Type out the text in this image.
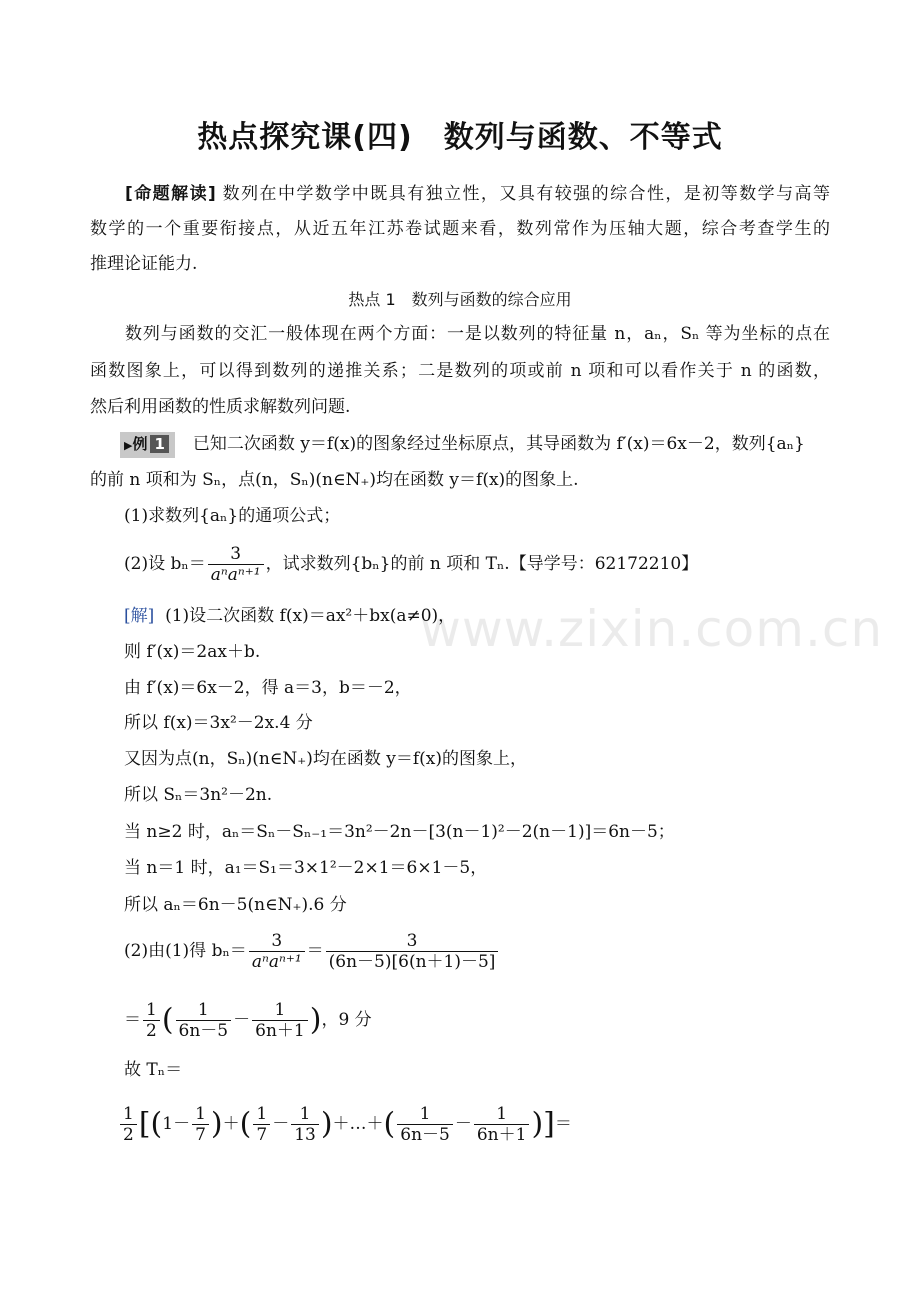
热点探究课(四)　数列与函数、不等式
[命题解读] 数列在中学数学中既具有独立性，又具有较强的综合性，是初等数学与高等
数学的一个重要衔接点，从近五年江苏卷试题来看，数列常作为压轴大题，综合考查学生的
推理论证能力.
热点 1　数列与函数的综合应用
数列与函数的交汇一般体现在两个方面：一是以数列的特征量 n，aₙ，Sₙ 等为坐标的点在
函数图象上，可以得到数列的递推关系；二是数列的项或前 n 项和可以看作关于 n 的函数，
然后利用函数的性质求解数列问题.
▶例 1 已知二次函数 y＝f(x)的图象经过坐标原点，其导函数为 f′(x)＝6x－2，数列{aₙ}
的前 n 项和为 Sₙ，点(n，Sₙ)(n∈N₊)均在函数 y＝f(x)的图象上.
(1)求数列{aₙ}的通项公式；
(2)设 $b_n= \frac{3}{\text{aⁿaⁿ⁺¹}}$ ，试求数列{bₙ}的前 n 项和 Tₙ.【导学号：62172210】
[解] (1)设二次函数 f(x)＝ax²＋bx(a≠0)，
则 f′(x)＝2ax＋b.
由 f′(x)＝6x－2，得 a＝3，b＝－2，
所以 f(x)＝3x²－2x.4 分
又因为点(n，Sₙ)(n∈N₊)均在函数 y＝f(x)的图象上，
所以 Sₙ＝3n²－2n.
当 n≥2 时，aₙ＝Sₙ－Sₙ₋₁＝3n²－2n－[3(n－1)²－2(n－1)]＝6n－5；
当 n＝1 时，a₁＝S₁＝3×1²－2×1＝6×1－5，
所以 aₙ＝6n－5(n∈N₊).6 分
(2)由(1)得 $b_n= \frac{3}{\text{aⁿaⁿ⁺¹}} = \frac{3}{(6n-5)[6(n+1)-5]}$
＝ $\frac{1}{2}$ ( $\frac{1}{6n-5} - \frac{1}{6n+1}$ )，9 分
故 Tₙ＝
$\frac{1}{2} [(1- \frac{1}{7}$ )＋( $\frac{1}{7} - \frac{1}{13}$ )＋…＋( $\frac{1}{6n-5} - \frac{1}{6n+1}$ )]＝
www.zixin.com.cn
